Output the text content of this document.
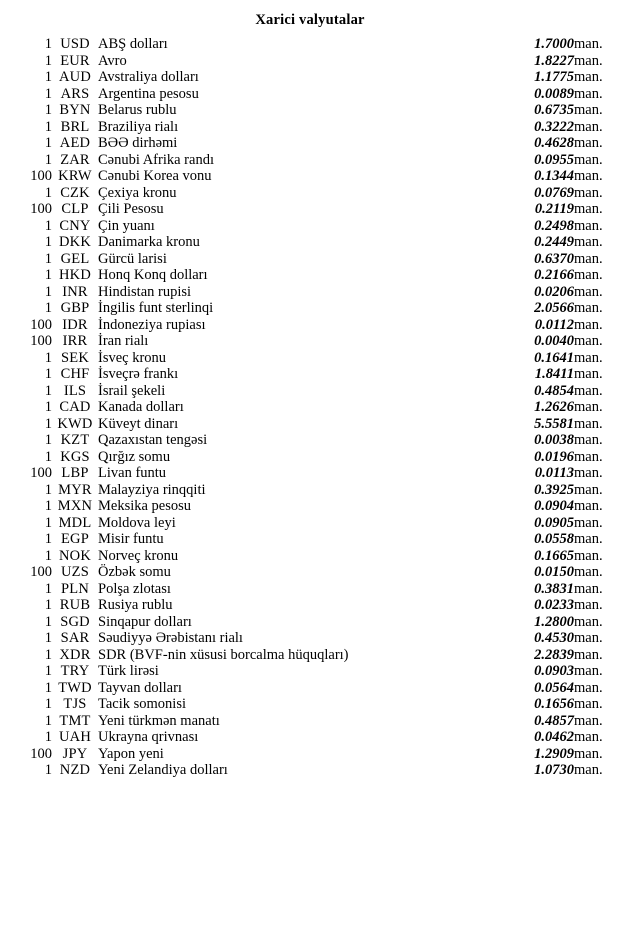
Xarici valyutalar
1	USD	ABŞ dolları	1.7000	man.
1	EUR	Avro	1.8227	man.
1	AUD	Avstraliya dolları	1.1775	man.
1	ARS	Argentina pesosu	0.0089	man.
1	BYN	Belarus rublu	0.6735	man.
1	BRL	Braziliya rialı	0.3222	man.
1	AED	BƏƏ dirhəmi	0.4628	man.
1	ZAR	Cənubi Afrika randı	0.0955	man.
100	KRW	Cənubi Korea vonu	0.1344	man.
1	CZK	Çexiya kronu	0.0769	man.
100	CLP	Çili Pesosu	0.2119	man.
1	CNY	Çin yuanı	0.2498	man.
1	DKK	Danimarka kronu	0.2449	man.
1	GEL	Gürcü larisi	0.6370	man.
1	HKD	Honq Konq dolları	0.2166	man.
1	INR	Hindistan rupisi	0.0206	man.
1	GBP	İngilis funt sterlinqi	2.0566	man.
100	IDR	İndoneziya rupiası	0.0112	man.
100	IRR	İran rialı	0.0040	man.
1	SEK	İsveç kronu	0.1641	man.
1	CHF	İsveçrə frankı	1.8411	man.
1	ILS	İsrail şekeli	0.4854	man.
1	CAD	Kanada dolları	1.2626	man.
1	KWD	Küveyt dinarı	5.5581	man.
1	KZT	Qazaxıstan tengəsi	0.0038	man.
1	KGS	Qırğız somu	0.0196	man.
100	LBP	Livan funtu	0.0113	man.
1	MYR	Malayziya rinqqiti	0.3925	man.
1	MXN	Meksika pesosu	0.0904	man.
1	MDL	Moldova leyi	0.0905	man.
1	EGP	Misir funtu	0.0558	man.
1	NOK	Norveç kronu	0.1665	man.
100	UZS	Özbək somu	0.0150	man.
1	PLN	Polşa zlotası	0.3831	man.
1	RUB	Rusiya rublu	0.0233	man.
1	SGD	Sinqapur dolları	1.2800	man.
1	SAR	Səudiyyə Ərəbistanı rialı	0.4530	man.
1	XDR	SDR (BVF-nin xüsusi borcalma hüquqları)	2.2839	man.
1	TRY	Türk lirəsi	0.0903	man.
1	TWD	Tayvan dolları	0.0564	man.
1	TJS	Tacik somonisi	0.1656	man.
1	TMT	Yeni türkmən manatı	0.4857	man.
1	UAH	Ukrayna qrivnası	0.0462	man.
100	JPY	Yapon yeni	1.2909	man.
1	NZD	Yeni Zelandiya dolları	1.0730	man.
